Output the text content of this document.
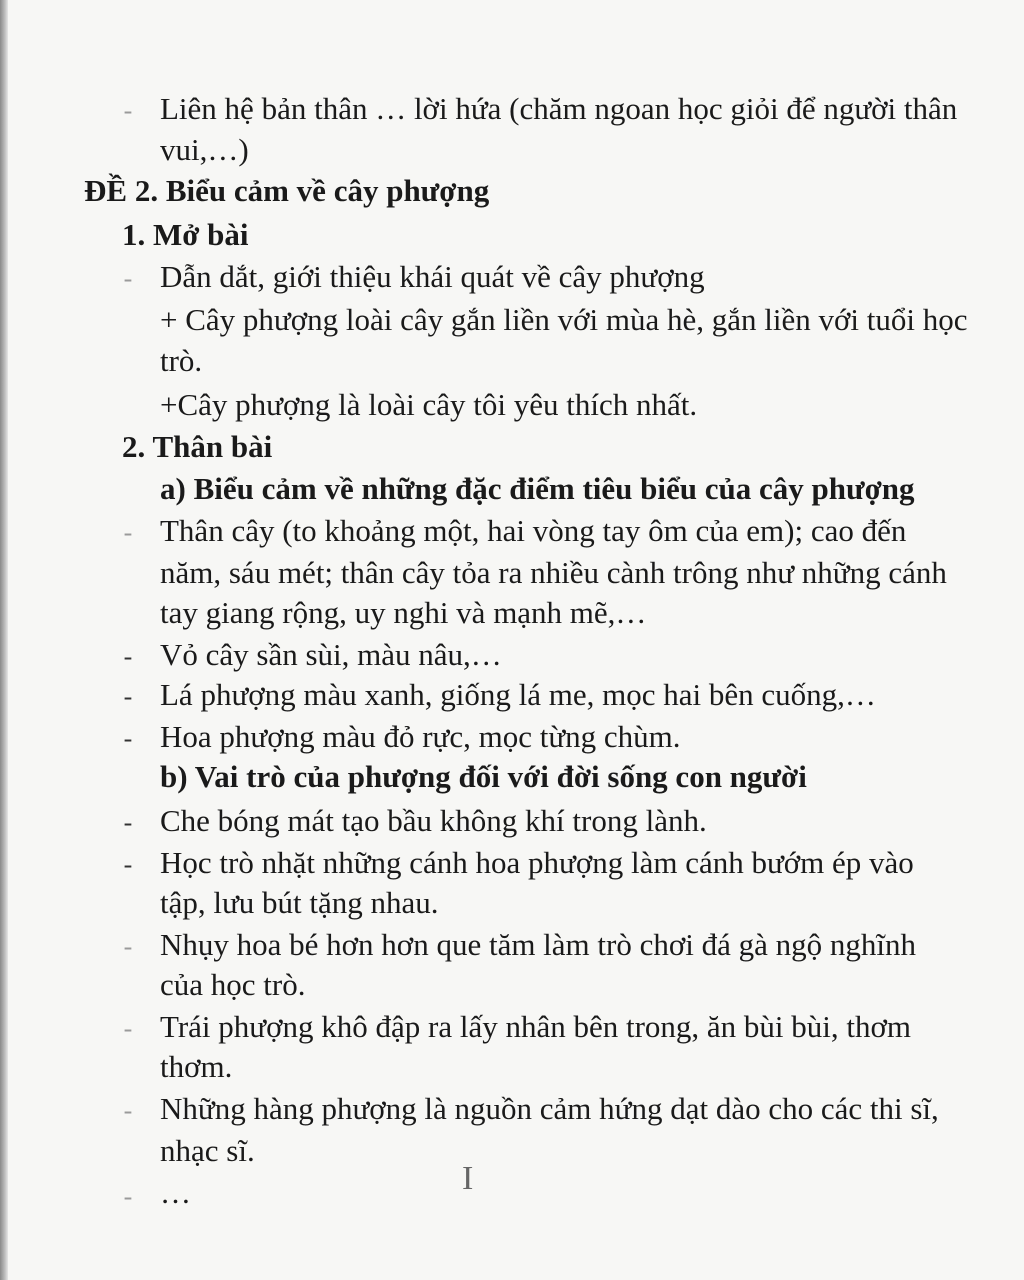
- Liên hệ bản thân … lời hứa (chăm ngoan học giỏi để người thân
vui,…)
ĐỀ 2. Biểu cảm về cây phượng
1. Mở bài
- Dẫn dắt, giới thiệu khái quát về cây phượng
+ Cây phượng loài cây gắn liền với mùa hè, gắn liền với tuổi học
trò.
+Cây phượng là loài cây tôi yêu thích nhất.
2. Thân bài
a) Biểu cảm về những đặc điểm tiêu biểu của cây phượng
- Thân cây (to khoảng một, hai vòng tay ôm của em); cao đến
năm, sáu mét; thân cây tỏa ra nhiều cành trông như những cánh
tay giang rộng, uy nghi và mạnh mẽ,…
- Vỏ cây sần sùi, màu nâu,…
- Lá phượng màu xanh, giống lá me, mọc hai bên cuống,…
- Hoa phượng màu đỏ rực, mọc từng chùm.
b) Vai trò của phượng đối với đời sống con người
- Che bóng mát tạo bầu không khí trong lành.
- Học trò nhặt những cánh hoa phượng làm cánh bướm ép vào
tập, lưu bút tặng nhau.
- Nhụy hoa bé hơn hơn que tăm làm trò chơi đá gà ngộ nghĩnh
của học trò.
- Trái phượng khô đập ra lấy nhân bên trong, ăn bùi bùi, thơm
thơm.
- Những hàng phượng là nguồn cảm hứng dạt dào cho các thi sĩ,
nhạc sĩ.
- …	I
